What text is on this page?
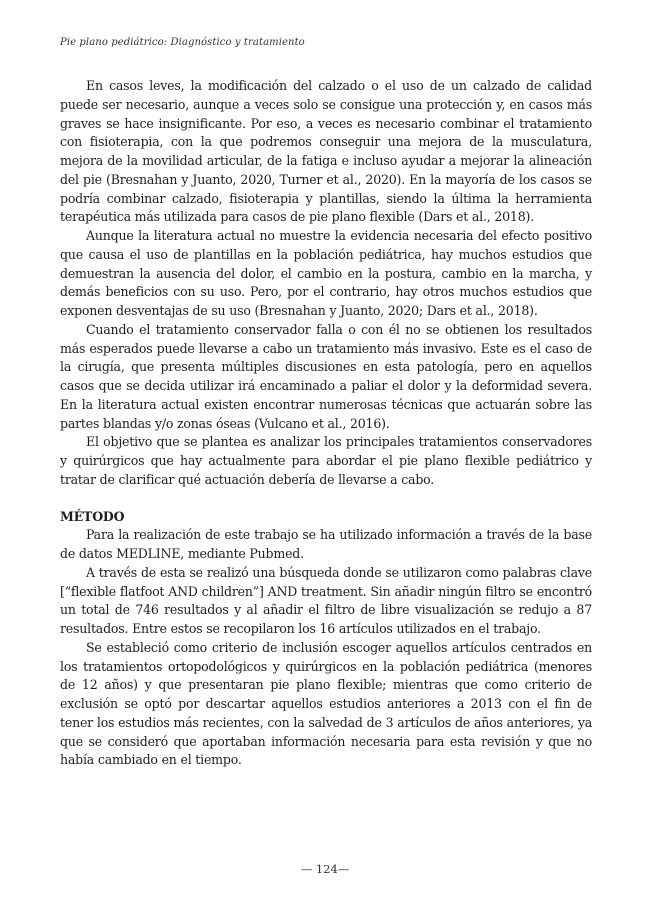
Pie plano pediátrico: Diagnóstico y tratamiento

En casos leves, la modificación del calzado o el uso de un calzado de calidad puede ser necesario, aunque a veces solo se consigue una protección y, en casos más graves se hace insignificante. Por eso, a veces es necesario combinar el tratamiento con fisioterapia, con la que podremos conseguir una mejora de la musculatura, mejora de la movilidad articular, de la fatiga e incluso ayudar a mejorar la alineación del pie (Bresnahan y Juanto, 2020, Turner et al., 2020). En la mayoría de los casos se podría combinar calzado, fisioterapia y plantillas, siendo la última la herramienta terapéutica más utilizada para casos de pie plano flexible (Dars et al., 2018).

Aunque la literatura actual no muestre la evidencia necesaria del efecto positivo que causa el uso de plantillas en la población pediátrica, hay muchos estudios que demuestran la ausencia del dolor, el cambio en la postura, cambio en la marcha, y demás beneficios con su uso. Pero, por el contrario, hay otros muchos estudios que exponen desventajas de su uso (Bresnahan y Juanto, 2020; Dars et al., 2018).

Cuando el tratamiento conservador falla o con él no se obtienen los resultados más esperados puede llevarse a cabo un tratamiento más invasivo. Este es el caso de la cirugía, que presenta múltiples discusiones en esta patología, pero en aquellos casos que se decida utilizar irá encaminado a paliar el dolor y la deformidad severa. En la literatura actual existen encontrar numerosas técnicas que actuarán sobre las partes blandas y/o zonas óseas (Vulcano et al., 2016).

El objetivo que se plantea es analizar los principales tratamientos conservadores y quirúrgicos que hay actualmente para abordar el pie plano flexible pediátrico y tratar de clarificar qué actuación debería de llevarse a cabo.

MÉTODO

Para la realización de este trabajo se ha utilizado información a través de la base de datos MEDLINE, mediante Pubmed.

A través de esta se realizó una búsqueda donde se utilizaron como palabras clave [“flexible flatfoot AND children”] AND treatment. Sin añadir ningún filtro se encontró un total de 746 resultados y al añadir el filtro de libre visualización se redujo a 87 resultados. Entre estos se recopilaron los 16 artículos utilizados en el trabajo.

Se estableció como criterio de inclusión escoger aquellos artículos centrados en los tratamientos ortopodológicos y quirúrgicos en la población pediátrica (menores de 12 años) y que presentaran pie plano flexible; mientras que como criterio de exclusión se optó por descartar aquellos estudios anteriores a 2013 con el fin de tener los estudios más recientes, con la salvedad de 3 artículos de años anteriores, ya que se consideró que aportaban información necesaria para esta revisión y que no había cambiado en el tiempo.

— 124—
